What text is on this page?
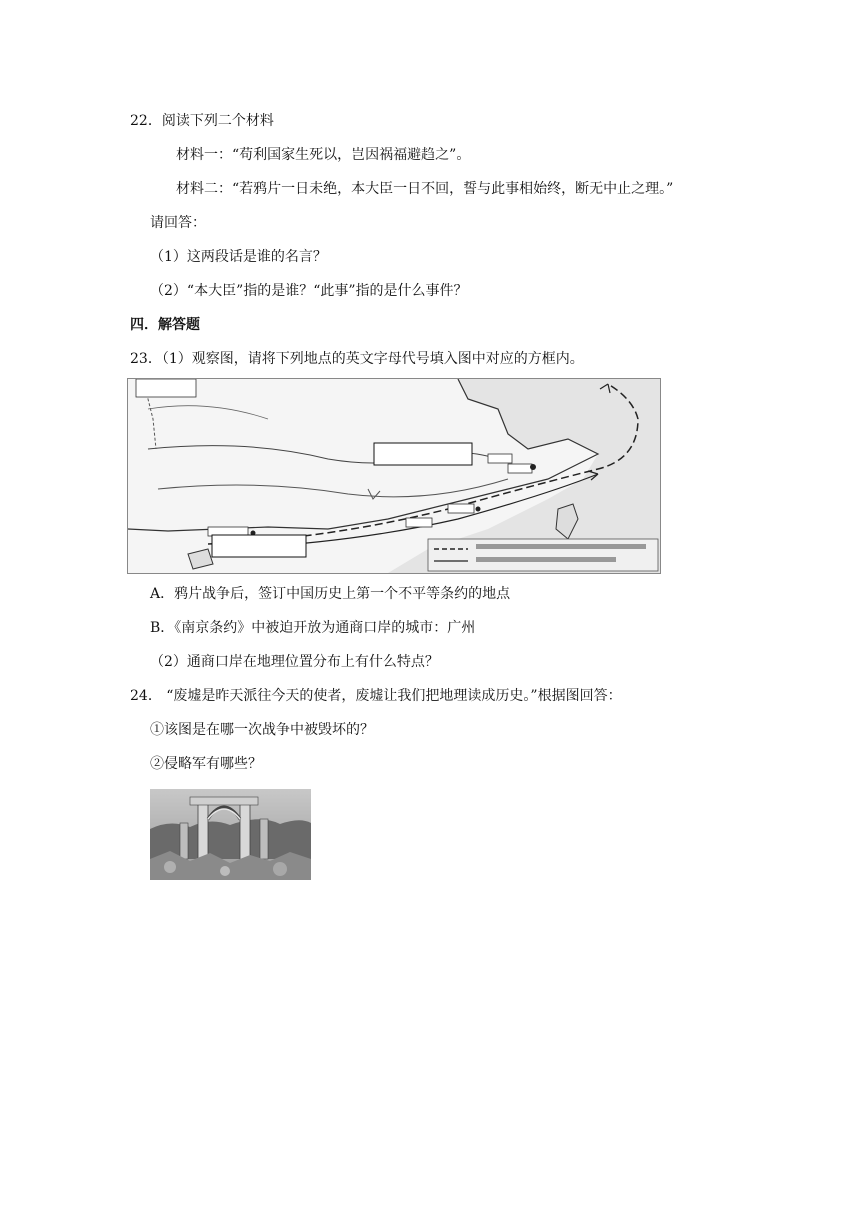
22．阅读下列二个材料
材料一：“苟利国家生死以，岂因祸福避趋之”。
材料二：“若鸦片一日未绝，本大臣一日不回，誓与此事相始终，断无中止之理。”
请回答：
（1）这两段话是谁的名言？
（2）“本大臣”指的是谁？“此事”指的是什么事件？
四．解答题
23．（1）观察图，请将下列地点的英文字母代号填入图中对应的方框内。
A．鸦片战争后，签订中国历史上第一个不平等条约的地点
B．《南京条约》中被迫开放为通商口岸的城市：广州
（2）通商口岸在地理位置分布上有什么特点？
24． “废墟是昨天派往今天的使者，废墟让我们把地理读成历史。”根据图回答：
①该图是在哪一次战争中被毁坏的？
②侵略军有哪些？
